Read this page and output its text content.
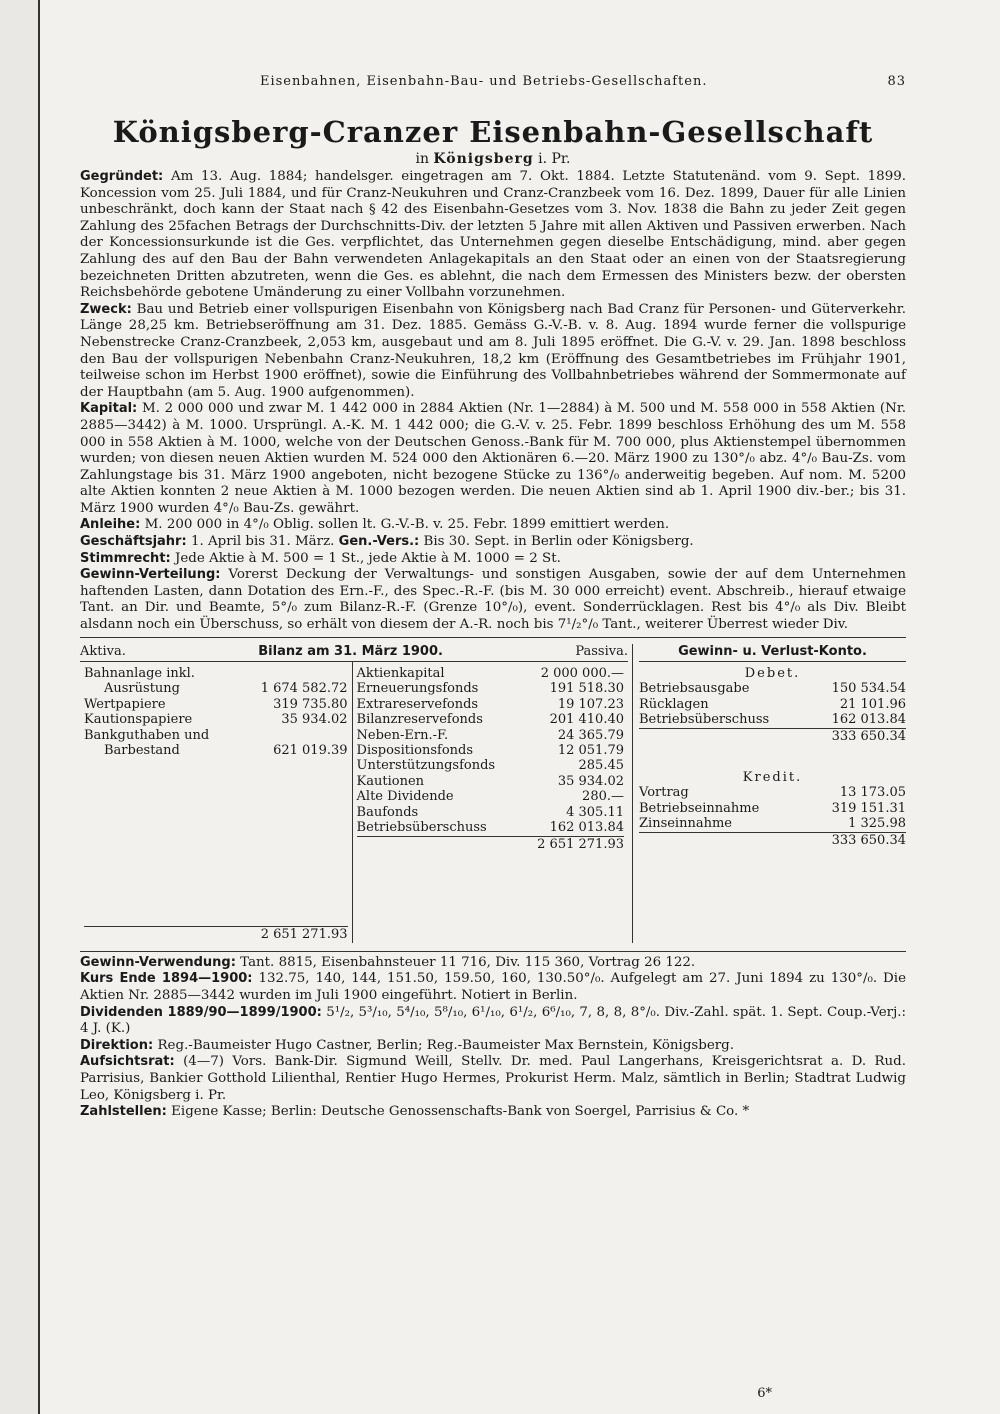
Eisenbahnen, Eisenbahn-Bau- und Betriebs-Gesellschaften.	83
Königsberg-Cranzer Eisenbahn-Gesellschaft
in Königsberg i. Pr.

Gegründet: Am 13. Aug. 1884; handelsger. eingetragen am 7. Okt. 1884. Letzte Statutenänd. vom 9. Sept. 1899. Koncession vom 25. Juli 1884, und für Cranz-Neukuhren und Cranz-Cranzbeek vom 16. Dez. 1899, Dauer für alle Linien unbeschränkt, doch kann der Staat nach § 42 des Eisenbahn-Gesetzes vom 3. Nov. 1838 die Bahn zu jeder Zeit gegen Zahlung des 25fachen Betrags der Durchschnitts-Div. der letzten 5 Jahre mit allen Aktiven und Passiven erwerben. Nach der Koncessionsurkunde ist die Ges. verpflichtet, das Unternehmen gegen dieselbe Entschädigung, mind. aber gegen Zahlung des auf den Bau der Bahn verwendeten Anlagekapitals an den Staat oder an einen von der Staatsregierung bezeichneten Dritten abzutreten, wenn die Ges. es ablehnt, die nach dem Ermessen des Ministers bezw. der obersten Reichsbehörde gebotene Umänderung zu einer Vollbahn vorzunehmen.

Zweck: Bau und Betrieb einer vollspurigen Eisenbahn von Königsberg nach Bad Cranz für Personen- und Güterverkehr. Länge 28,25 km. Betriebseröffnung am 31. Dez. 1885. Gemäss G.-V.-B. v. 8. Aug. 1894 wurde ferner die vollspurige Nebenstrecke Cranz-Cranzbeek, 2,053 km, ausgebaut und am 8. Juli 1895 eröffnet. Die G.-V. v. 29. Jan. 1898 beschloss den Bau der vollspurigen Nebenbahn Cranz-Neukuhren, 18,2 km (Eröffnung des Gesamtbetriebes im Frühjahr 1901, teilweise schon im Herbst 1900 eröffnet), sowie die Einführung des Vollbahnbetriebes während der Sommermonate auf der Hauptbahn (am 5. Aug. 1900 aufgenommen).

Kapital: M. 2 000 000 und zwar M. 1 442 000 in 2884 Aktien (Nr. 1—2884) à M. 500 und M. 558 000 in 558 Aktien (Nr. 2885—3442) à M. 1000. Ursprüngl. A.-K. M. 1 442 000; die G.-V. v. 25. Febr. 1899 beschloss Erhöhung des um M. 558 000 in 558 Aktien à M. 1000, welche von der Deutschen Genoss.-Bank für M. 700 000, plus Aktienstempel übernommen wurden; von diesen neuen Aktien wurden M. 524 000 den Aktionären 6.—20. März 1900 zu 130°/₀ abz. 4°/₀ Bau-Zs. vom Zahlungstage bis 31. März 1900 angeboten, nicht bezogene Stücke zu 136°/₀ anderweitig begeben. Auf nom. M. 5200 alte Aktien konnten 2 neue Aktien à M. 1000 bezogen werden. Die neuen Aktien sind ab 1. April 1900 div.-ber.; bis 31. März 1900 wurden 4°/₀ Bau-Zs. gewährt.

Anleihe: M. 200 000 in 4°/₀ Oblig. sollen lt. G.-V.-B. v. 25. Febr. 1899 emittiert werden.

Geschäftsjahr: 1. April bis 31. März. Gen.-Vers.: Bis 30. Sept. in Berlin oder Königsberg.

Stimmrecht: Jede Aktie à M. 500 = 1 St., jede Aktie à M. 1000 = 2 St.

Gewinn-Verteilung: Vorerst Deckung der Verwaltungs- und sonstigen Ausgaben, sowie der auf dem Unternehmen haftenden Lasten, dann Dotation des Ern.-F., des Spec.-R.-F. (bis M. 30 000 erreicht) event. Abschreib., hierauf etwaige Tant. an Dir. und Beamte, 5°/₀ zum Bilanz-R.-F. (Grenze 10°/₀), event. Sonderrücklagen. Rest bis 4°/₀ als Div. Bleibt alsdann noch ein Überschuss, so erhält von diesem der A.-R. noch bis 7¹/₂°/₀ Tant., weiterer Überrest wieder Div.

Aktiva.	Bilanz am 31. März 1900.	Passiva.
Bahnanlage inkl.
Ausrüstung	1 674 582.72
Wertpapiere	319 735.80
Kautionspapiere	35 934.02
Bankguthaben und
Barbestand	621 019.39
2 651 271.93
Aktienkapital	2 000 000.—
Erneuerungsfonds	191 518.30
Extrareservefonds	19 107.23
Bilanzreservefonds	201 410.40
Neben-Ern.-F.	24 365.79
Dispositionsfonds	12 051.79
Unterstützungsfonds	285.45
Kautionen	35 934.02
Alte Dividende	280.—
Baufonds	4 305.11
Betriebsüberschuss	162 013.84
2 651 271.93
Gewinn- u. Verlust-Konto.
Debet.
Betriebsausgabe	150 534.54
Rücklagen	21 101.96
Betriebsüberschuss	162 013.84
333 650.34
Kredit.
Vortrag	13 173.05
Betriebseinnahme	319 151.31
Zinseinnahme	1 325.98
333 650.34

Gewinn-Verwendung: Tant. 8815, Eisenbahnsteuer 11 716, Div. 115 360, Vortrag 26 122.

Kurs Ende 1894—1900: 132.75, 140, 144, 151.50, 159.50, 160, 130.50°/₀. Aufgelegt am 27. Juni 1894 zu 130°/₀. Die Aktien Nr. 2885—3442 wurden im Juli 1900 eingeführt. Notiert in Berlin.

Dividenden 1889/90—1899/1900: 5¹/₂, 5³/₁₀, 5⁴/₁₀, 5⁸/₁₀, 6¹/₁₀, 6¹/₂, 6⁶/₁₀, 7, 8, 8, 8°/₀. Div.-Zahl. spät. 1. Sept. Coup.-Verj.: 4 J. (K.)

Direktion: Reg.-Baumeister Hugo Castner, Berlin; Reg.-Baumeister Max Bernstein, Königsberg.

Aufsichtsrat: (4—7) Vors. Bank-Dir. Sigmund Weill, Stellv. Dr. med. Paul Langerhans, Kreisgerichtsrat a. D. Rud. Parrisius, Bankier Gotthold Lilienthal, Rentier Hugo Hermes, Prokurist Herm. Malz, sämtlich in Berlin; Stadtrat Ludwig Leo, Königsberg i. Pr.

Zahlstellen: Eigene Kasse; Berlin: Deutsche Genossenschafts-Bank von Soergel, Parrisius & Co. *

6*
